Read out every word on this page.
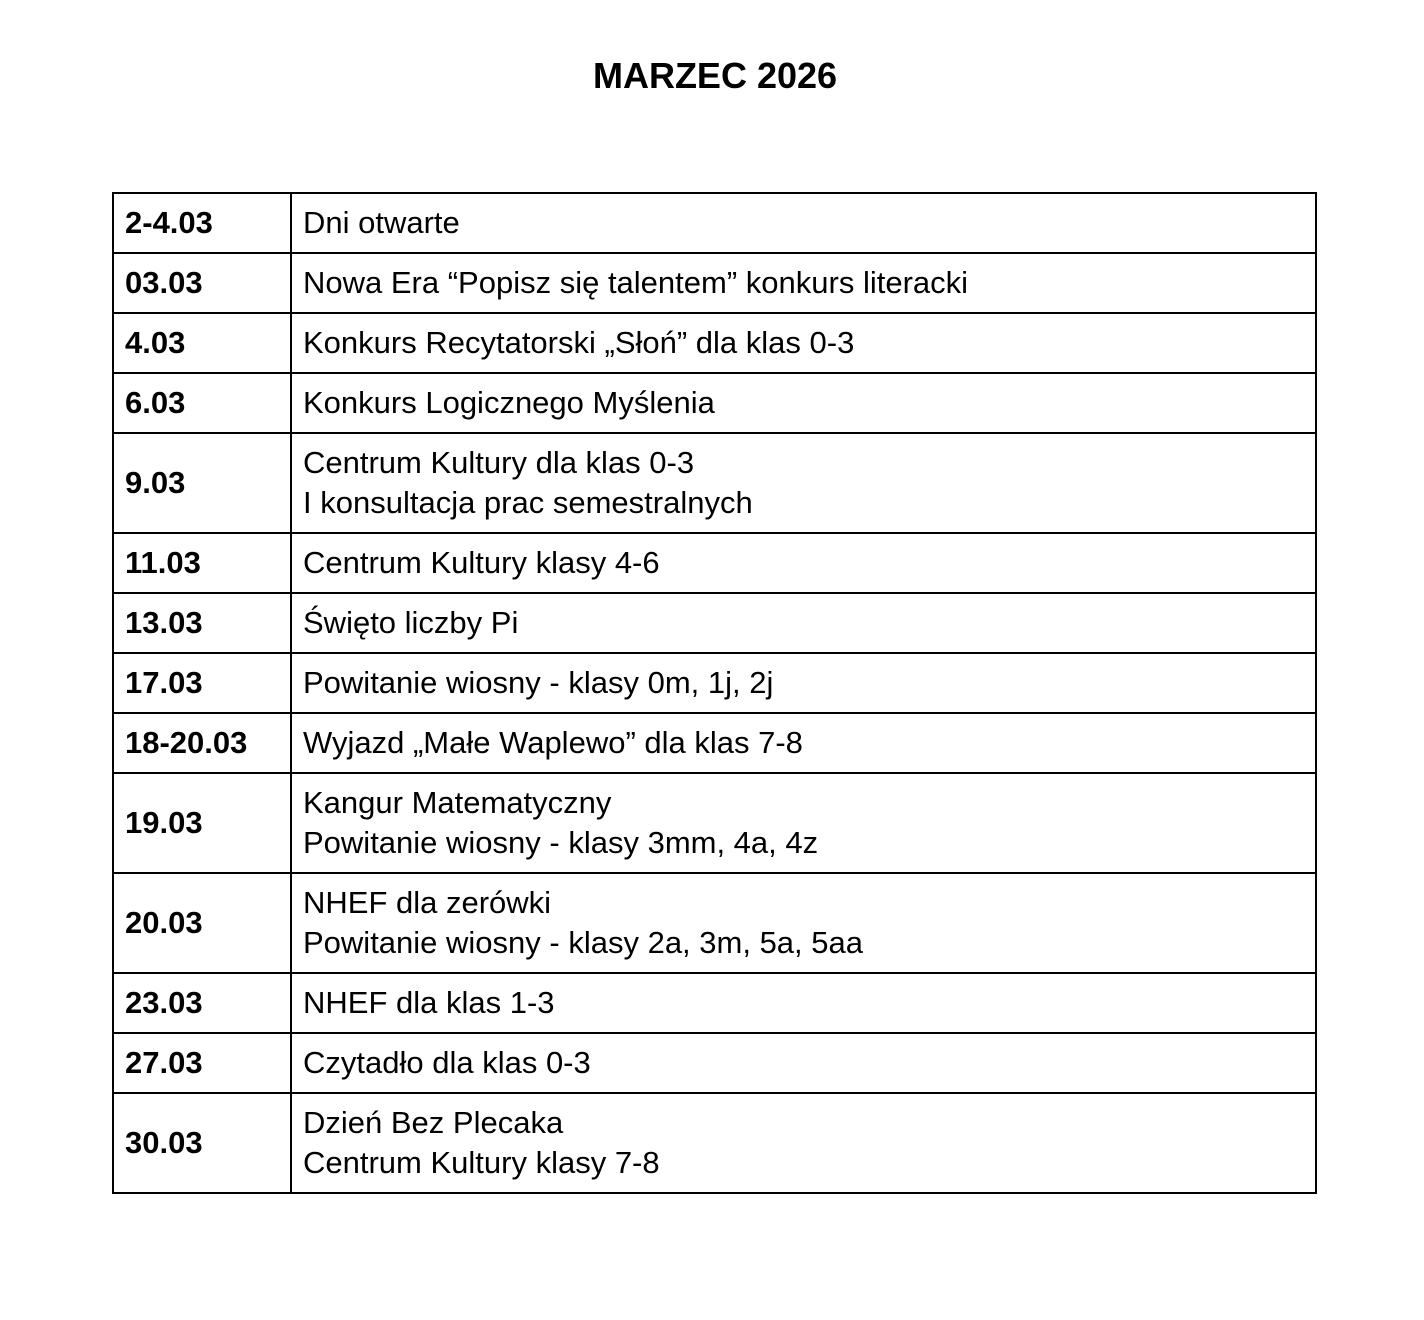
MARZEC 2026
2-4.03	Dni otwarte

03.03	Nowa Era “Popisz się talentem” konkurs literacki

4.03	Konkurs Recytatorski „Słoń” dla klas 0-3

6.03	Konkurs Logicznego Myślenia

9.03	Centrum Kultury dla klas 0-3
I konsultacja prac semestralnych

11.03	Centrum Kultury klasy 4-6

13.03	Święto liczby Pi

17.03	Powitanie wiosny - klasy 0m, 1j, 2j

18-20.03	Wyjazd „Małe Waplewo” dla klas 7-8

19.03	Kangur Matematyczny
Powitanie wiosny - klasy 3mm, 4a, 4z

20.03	NHEF dla zerówki
Powitanie wiosny - klasy 2a, 3m, 5a, 5aa

23.03	NHEF dla klas 1-3

27.03	Czytadło dla klas 0-3

30.03	Dzień Bez Plecaka
Centrum Kultury klasy 7-8
